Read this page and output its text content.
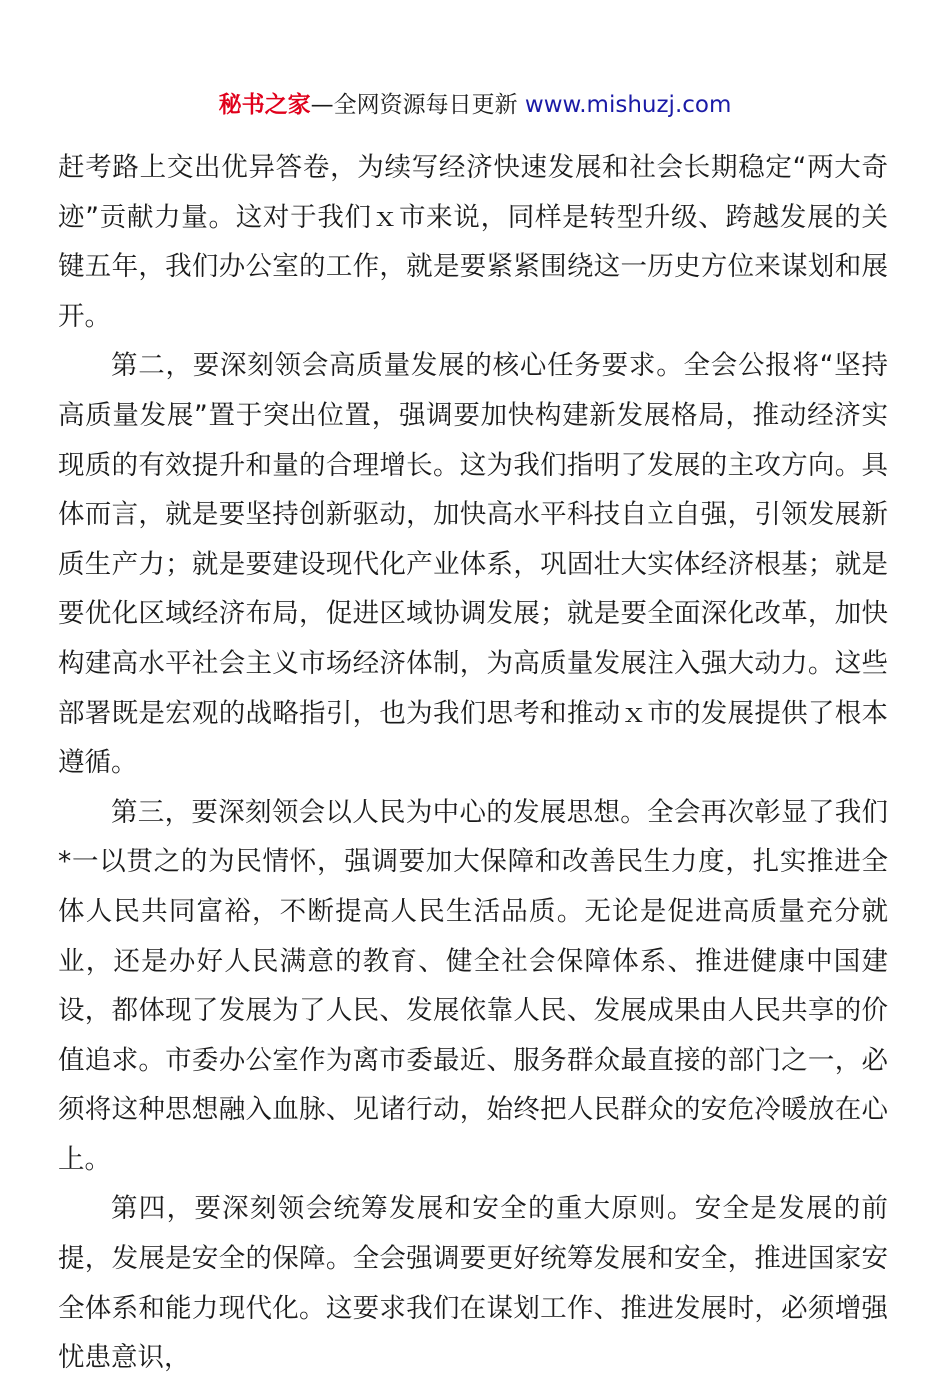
秘书之家—全网资源每日更新 www.mishuzj.com

赶考路上交出优异答卷，为续写经济快速发展和社会长期稳定“两大奇迹”贡献力量。这对于我们ｘ市来说，同样是转型升级、跨越发展的关键五年，我们办公室的工作，就是要紧紧围绕这一历史方位来谋划和展开。

第二，要深刻领会高质量发展的核心任务要求。全会公报将“坚持高质量发展”置于突出位置，强调要加快构建新发展格局，推动经济实现质的有效提升和量的合理增长。这为我们指明了发展的主攻方向。具体而言，就是要坚持创新驱动，加快高水平科技自立自强，引领发展新质生产力；就是要建设现代化产业体系，巩固壮大实体经济根基；就是要优化区域经济布局，促进区域协调发展；就是要全面深化改革，加快构建高水平社会主义市场经济体制，为高质量发展注入强大动力。这些部署既是宏观的战略指引，也为我们思考和推动ｘ市的发展提供了根本遵循。

第三，要深刻领会以人民为中心的发展思想。全会再次彰显了我们*一以贯之的为民情怀，强调要加大保障和改善民生力度，扎实推进全体人民共同富裕，不断提高人民生活品质。无论是促进高质量充分就业，还是办好人民满意的教育、健全社会保障体系、推进健康中国建设，都体现了发展为了人民、发展依靠人民、发展成果由人民共享的价值追求。市委办公室作为离市委最近、服务群众最直接的部门之一，必须将这种思想融入血脉、见诸行动，始终把人民群众的安危冷暖放在心上。

第四，要深刻领会统筹发展和安全的重大原则。安全是发展的前提，发展是安全的保障。全会强调要更好统筹发展和安全，推进国家安全体系和能力现代化。这要求我们在谋划工作、推进发展时，必须增强忧患意识，
